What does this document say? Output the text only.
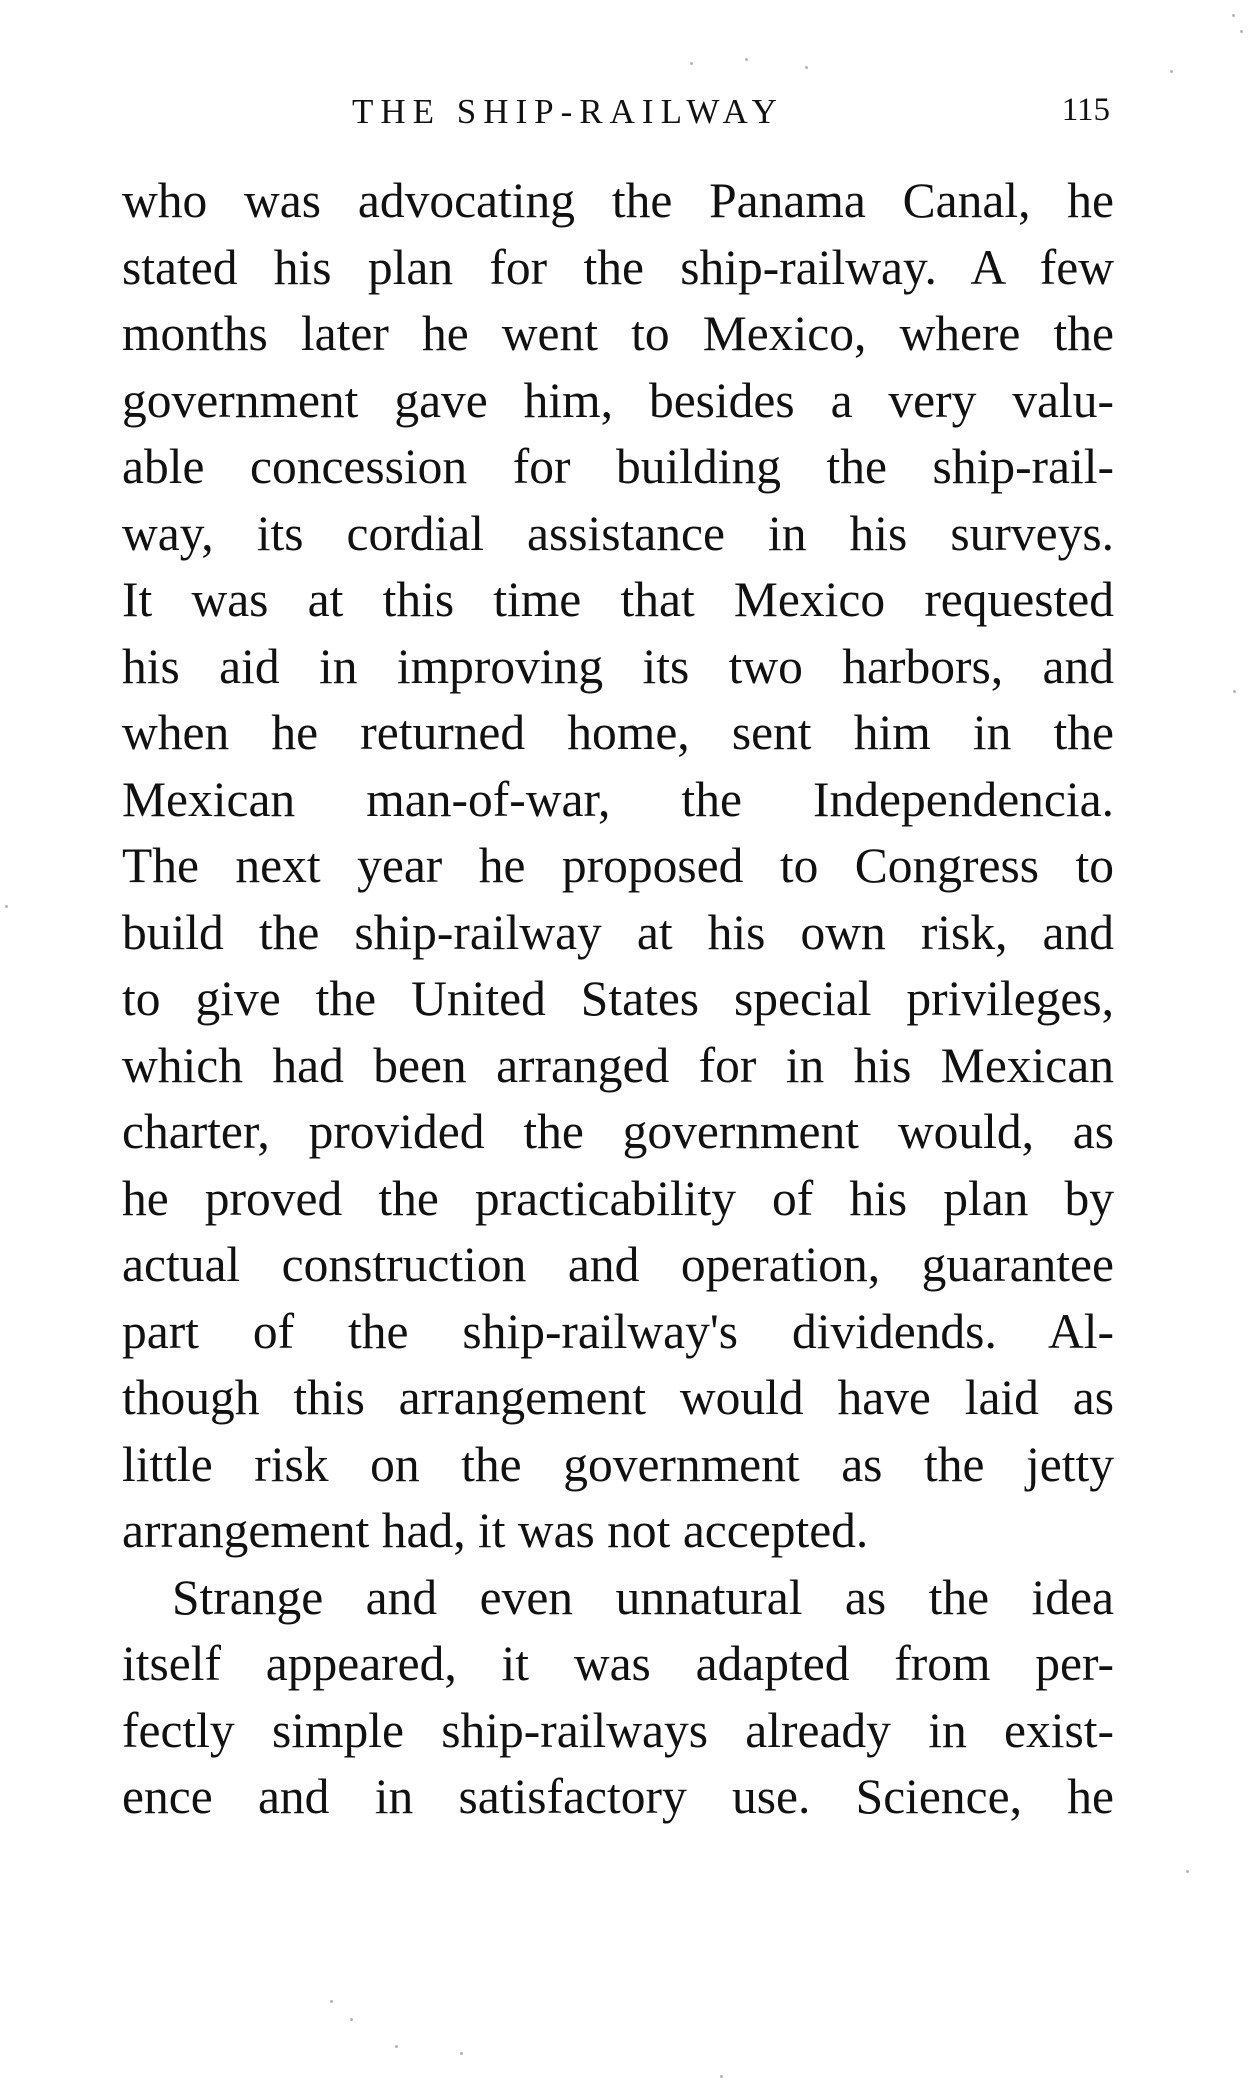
THE SHIP-RAILWAY	115
who was advocating the Panama Canal, he
stated his plan for the ship-railway. A few
months later he went to Mexico, where the
government gave him, besides a very valu-
able concession for building the ship-rail-
way, its cordial assistance in his surveys.
It was at this time that Mexico requested
his aid in improving its two harbors, and
when he returned home, sent him in the
Mexican man-of-war, the Independencia.
The next year he proposed to Congress to
build the ship-railway at his own risk, and
to give the United States special privileges,
which had been arranged for in his Mexican
charter, provided the government would, as
he proved the practicability of his plan by
actual construction and operation, guarantee
part of the ship-railway's dividends. Al-
though this arrangement would have laid as
little risk on the government as the jetty
arrangement had, it was not accepted.
Strange and even unnatural as the idea
itself appeared, it was adapted from per-
fectly simple ship-railways already in exist-
ence and in satisfactory use. Science, he
